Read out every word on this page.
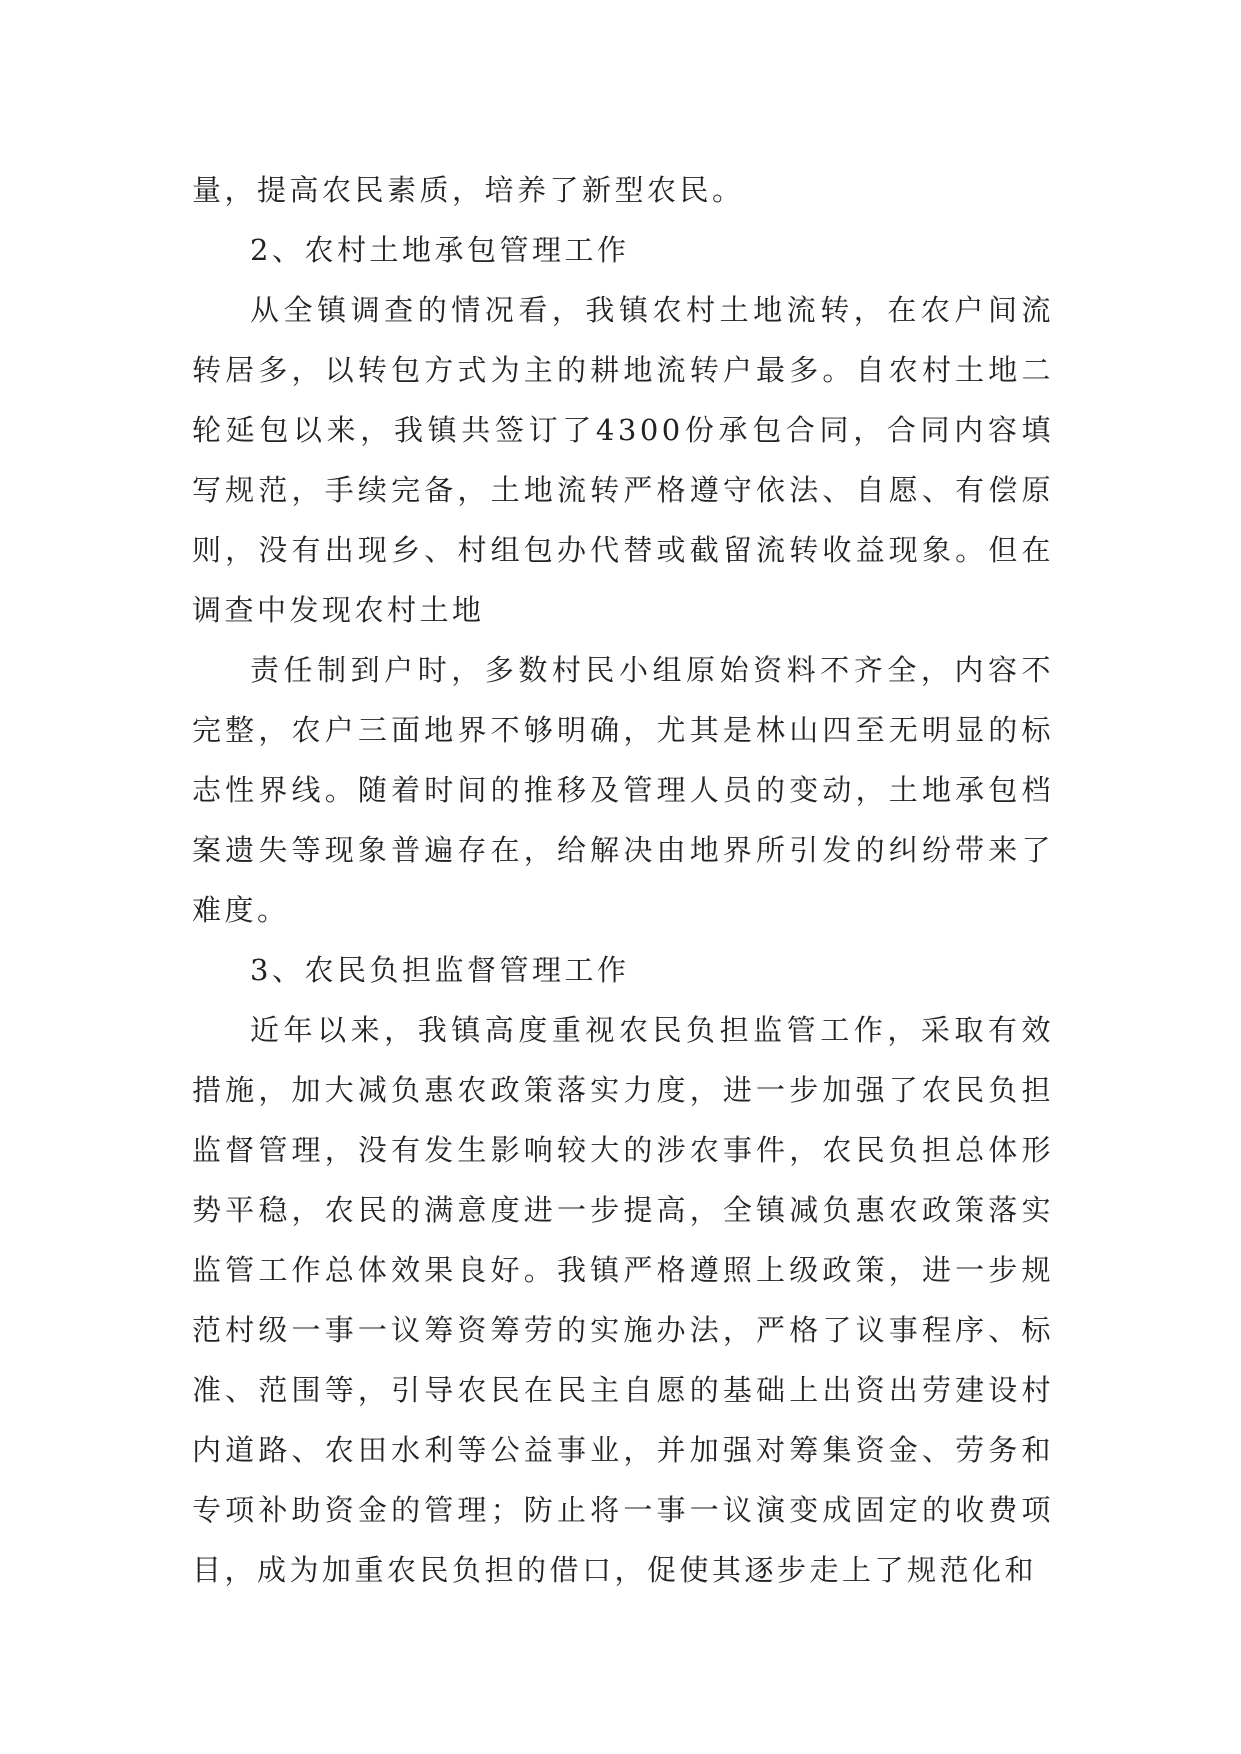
量，提高农民素质，培养了新型农民。

2、农村土地承包管理工作

从全镇调查的情况看，我镇农村土地流转，在农户间流转居多，以转包方式为主的耕地流转户最多。自农村土地二轮延包以来，我镇共签订了4300份承包合同，合同内容填写规范，手续完备，土地流转严格遵守依法、自愿、有偿原则，没有出现乡、村组包办代替或截留流转收益现象。但在调查中发现农村土地

责任制到户时，多数村民小组原始资料不齐全，内容不完整，农户三面地界不够明确，尤其是林山四至无明显的标志性界线。随着时间的推移及管理人员的变动，土地承包档案遗失等现象普遍存在，给解决由地界所引发的纠纷带来了难度。

3、农民负担监督管理工作

近年以来，我镇高度重视农民负担监管工作，采取有效措施，加大减负惠农政策落实力度，进一步加强了农民负担监督管理，没有发生影响较大的涉农事件，农民负担总体形势平稳，农民的满意度进一步提高，全镇减负惠农政策落实监管工作总体效果良好。我镇严格遵照上级政策，进一步规范村级一事一议筹资筹劳的实施办法，严格了议事程序、标准、范围等，引导农民在民主自愿的基础上出资出劳建设村内道路、农田水利等公益事业，并加强对筹集资金、劳务和专项补助资金的管理；防止将一事一议演变成固定的收费项目，成为加重农民负担的借口，促使其逐步走上了规范化和
